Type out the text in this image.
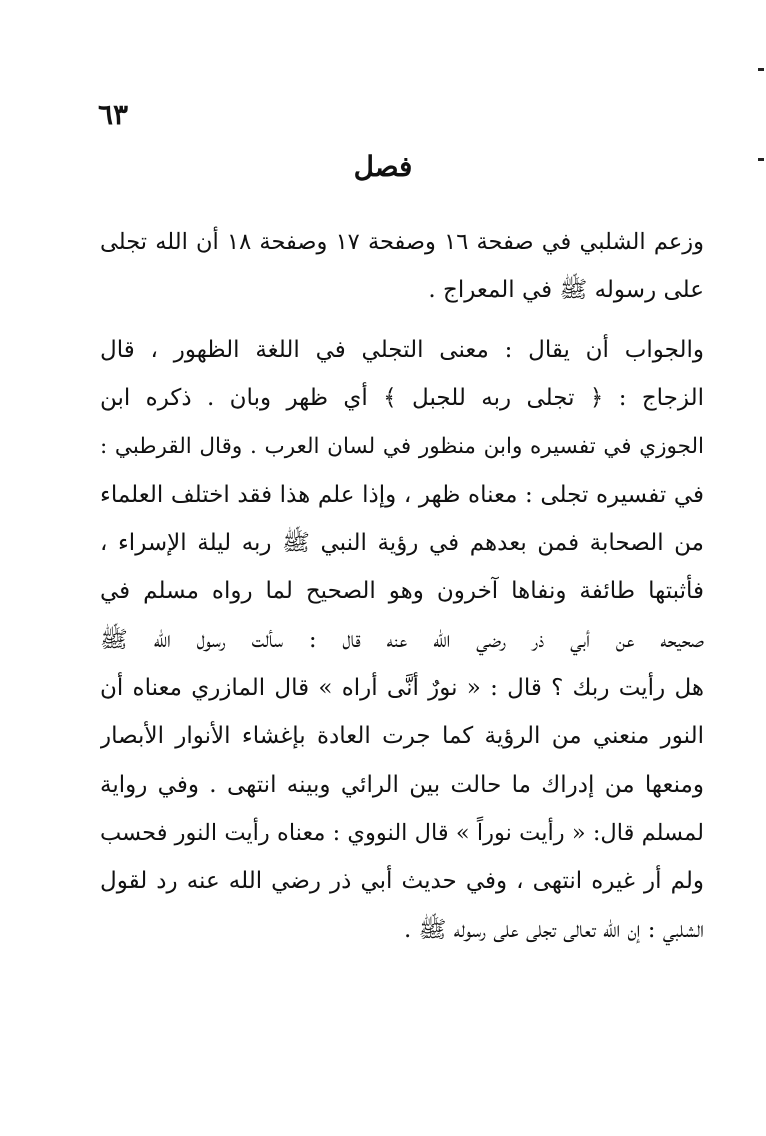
٦٣
فصل
وزعم الشلبي في صفحة ١٦ وصفحة ١٧ وصفحة ١٨ أن الله تجلى
على رسوله ﷺ في المعراج .
والجواب أن يقال : معنى التجلي في اللغة الظهور ، قال
الزجاج : ﴿ تجلى ربه للجبل ﴾ أي ظهر وبان . ذكره ابن
الجوزي في تفسيره وابن منظور في لسان العرب . وقال القرطبي :
في تفسيره تجلى : معناه ظهر ، وإذا علم هذا فقد اختلف العلماء
من الصحابة فمن بعدهم في رؤية النبي ﷺ ربه ليلة الإسراء ،
فأثبتها طائفة ونفاها آخرون وهو الصحيح لما رواه مسلم في
صحيحه عن أبي ذر رضي الله عنه قال : سألت رسول الله ﷺ
هل رأيت ربك ؟ قال : « نورٌ أنَّى أراه » قال المازري معناه أن
النور منعني من الرؤية كما جرت العادة بإغشاء الأنوار الأبصار
ومنعها من إدراك ما حالت بين الرائي وبينه انتهى . وفي رواية
لمسلم قال: « رأيت نوراً » قال النووي : معناه رأيت النور فحسب
ولم أر غيره انتهى ، وفي حديث أبي ذر رضي الله عنه رد لقول
الشلبي : إن الله تعالى تجلى على رسوله ﷺ .
